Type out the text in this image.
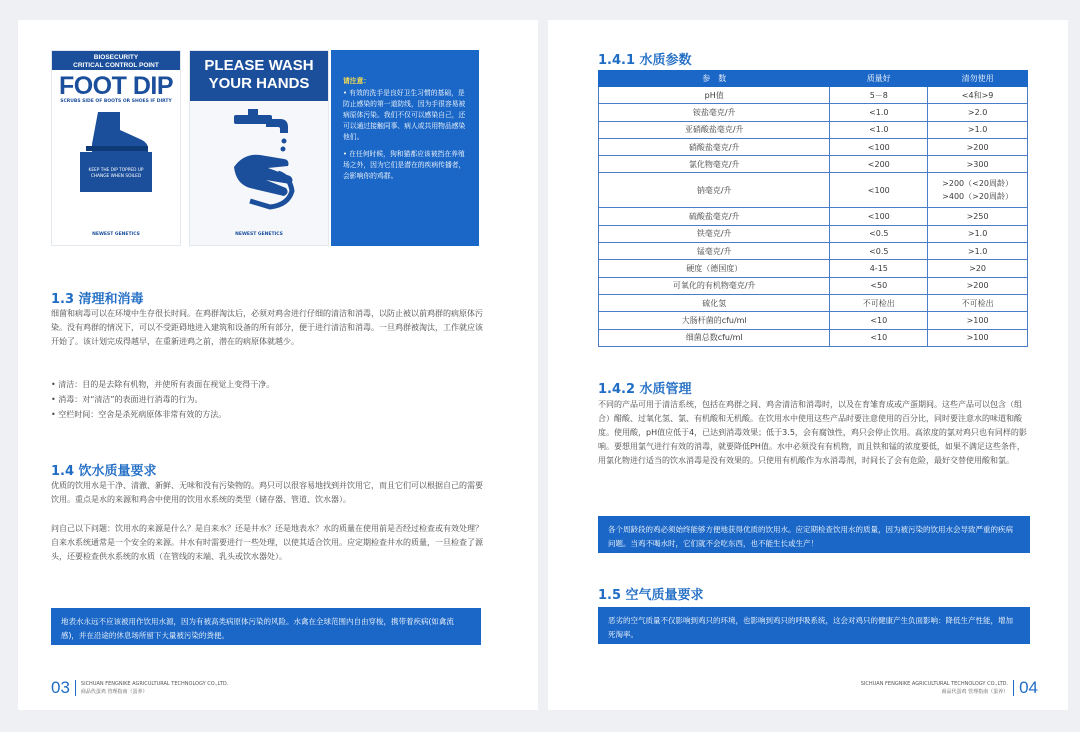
BIOSECURITY
CRITICAL CONTROL POINT
FOOT DIP
SCRUBS SIDE OF BOOTS OR SHOES IF DIRTY
KEEP THE DIP TOPPED UP
CHANGE WHEN SOILED
NEWEST GENETICS
PLEASE WASH
YOUR HANDS
NEWEST GENETICS
请注意：

• 有效的洗手是良好卫生习惯的基础，是防止感染的第一道防线，因为手很容易被病原体污染。我们不仅可以感染自己，还可以通过接触同事、病人或共用物品感染他们。

• 在任何时候，狗和猫都应该被挡在养殖场之外，因为它们是潜在的疾病传播者，会影响你的鸡群。

1.3 清理和消毒
细菌和病毒可以在环境中生存很长时间。在鸡群淘汰后，必须对鸡舍进行仔细的清洁和消毒，以防止被以前鸡群的病原体污染。没有鸡群的情况下，可以不受距碍地进入建筑和设备的所有部分，便于进行清洁和消毒。一旦鸡群被淘汰，工作就应该开始了。该计划完成得越早，在重新进鸡之前，潜在的病原体就越少。
• 清洁：目的是去除有机物，并使所有表面在视觉上变得干净。
• 消毒：对“清洁”的表面进行消毒的行为。
• 空栏时间：空舍是杀死病原体非常有效的方法。
1.4 饮水质量要求
优质的饮用水是干净、清澈、新鲜、无味和没有污染物的。鸡只可以很容易地找到并饮用它，而且它们可以根据自己的需要饮用。重点是水的来源和鸡舍中使用的饮用水系统的类型（储存器、管道、饮水器）。
问自己以下问题：饮用水的来源是什么？是自来水？还是井水？还是地表水？水的质量在使用前是否经过检查或有效处理？自来水系统通常是一个安全的来源。井水有时需要进行一些处理，以使其适合饮用。应定期检查井水的质量，一旦检查了源头，还要检查供水系统的水质（在管线的末端、乳头或饮水器处）。
地表水永远不应该被用作饮用水源，因为有被高类病原体污染的风险。水禽在全球范围内自由穿梭，携带着疾病(如禽流感)，并在沿途的休息场所留下大量被污染的粪便。
03 SICHUAN FENGNIKE AGRICULTURAL TECHNOLOGY CO.,LTD.
商品代蛋鸡 管理指南（蛋养）
1.4.1 水质参数
参　数	质量好	清勿使用
pH值	5－8	<4和>9
铵盐毫克/升	<1.0	>2.0
亚硝酸盐毫克/升	<1.0	>1.0
硝酸盐毫克/升	<100	>200
氯化物毫克/升	<200	>300
钠毫克/升	<100	>200（<20周龄）
>400（>20周龄）
硫酸盐毫克/升	<100	>250
铁毫克/升	<0.5	>1.0
锰毫克/升	<0.5	>1.0
硬度（德国度）	4-15	>20
可氧化的有机物毫克/升	<50	>200
硫化氢	不可检出	不可检出
大肠杆菌的cfu/ml	<10	>100
细菌总数cfu/ml	<10	>100
1.4.2 水质管理
不同的产品可用于清洁系统，包括在鸡群之间、鸡舍清洁和消毒时，以及在育雏育成或产蛋期间。这些产品可以包含（组合）醋酸、过氧化氢、氯、有机酸和无机酸。在饮用水中使用这些产品时要注意使用的百分比，同时要注意水的味道和酸度。使用酸，pH值应低于4，已达到消毒效果；低于3.5，会有腐蚀性，鸡只会停止饮用。高浓度的氯对鸡只也有同样的影响。要想用氯气进行有效的消毒，就要降低PH值。水中必须没有有机物，而且铁和锰的浓度要低，如果不满足这些条件，用氯化物进行适当的饮水消毒是没有效果的。只使用有机酸作为水消毒剂，时间长了会有危险，最好交替使用酸和氯。
各个周龄段的鸡必须始终能够方便地获得优质的饮用水。应定期检查饮用水的质量，因为被污染的饮用水会导致严重的疾病问题。当鸡不喝水时，它们就不会吃东西，也不能生长或生产！
1.5 空气质量要求
恶劣的空气质量不仅影响到鸡只的环境，也影响到鸡只的呼吸系统，这会对鸡只的健康产生负面影响：降低生产性能，增加死淘率。
SICHUAN FENGNIKE AGRICULTURAL TECHNOLOGY CO.,LTD.
商品代蛋鸡 管理指南（蛋养） 04
